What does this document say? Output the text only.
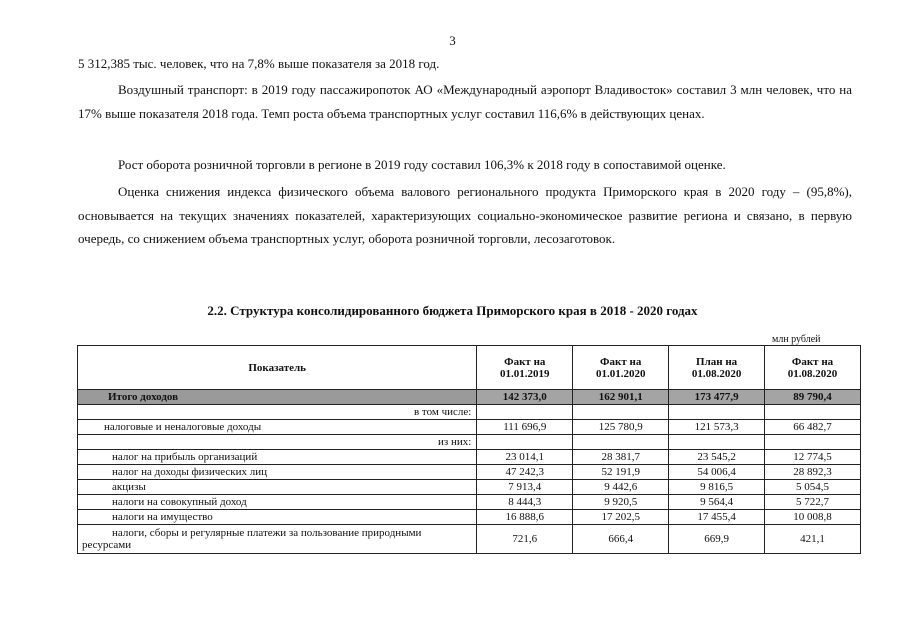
3

5 312,385 тыс. человек, что на 7,8% выше показателя за 2018 год.

Воздушный транспорт: в 2019 году пассажиропоток АО «Международный аэропорт Владивосток» составил 3 млн человек, что на 17% выше показателя 2018 года. Темп роста объема транспортных услуг составил 116,6% в действующих ценах.

Рост оборота розничной торговли в регионе в 2019 году составил 106,3% к 2018 году в сопоставимой оценке.

Оценка снижения индекса физического объема валового регионального продукта Приморского края в 2020 году – (95,8%), основывается на текущих значениях показателей, характеризующих социально-экономическое развитие региона и связано, в первую очередь, со снижением объема транспортных услуг, оборота розничной торговли, лесозаготовок.

2.2. Структура консолидированного бюджета Приморского края в 2018 - 2020 годах
млн рублей
Показатель	Факт на 01.01.2019	Факт на 01.01.2020	План на 01.08.2020	Факт на 01.08.2020
Итого доходов	142 373,0	162 901,1	173 477,9	89 790,4
в том числе:				
налоговые и неналоговые доходы	111 696,9	125 780,9	121 573,3	66 482,7
из них:				
налог на прибыль организаций	23 014,1	28 381,7	23 545,2	12 774,5
налог на доходы физических лиц	47 242,3	52 191,9	54 006,4	28 892,3
акцизы	7 913,4	9 442,6	9 816,5	5 054,5
налоги на совокупный доход	8 444,3	9 920,5	9 564,4	5 722,7
налоги на имущество	16 888,6	17 202,5	17 455,4	10 008,8
налоги, сборы и регулярные платежи за пользование природными ресурсами	721,6	666,4	669,9	421,1
